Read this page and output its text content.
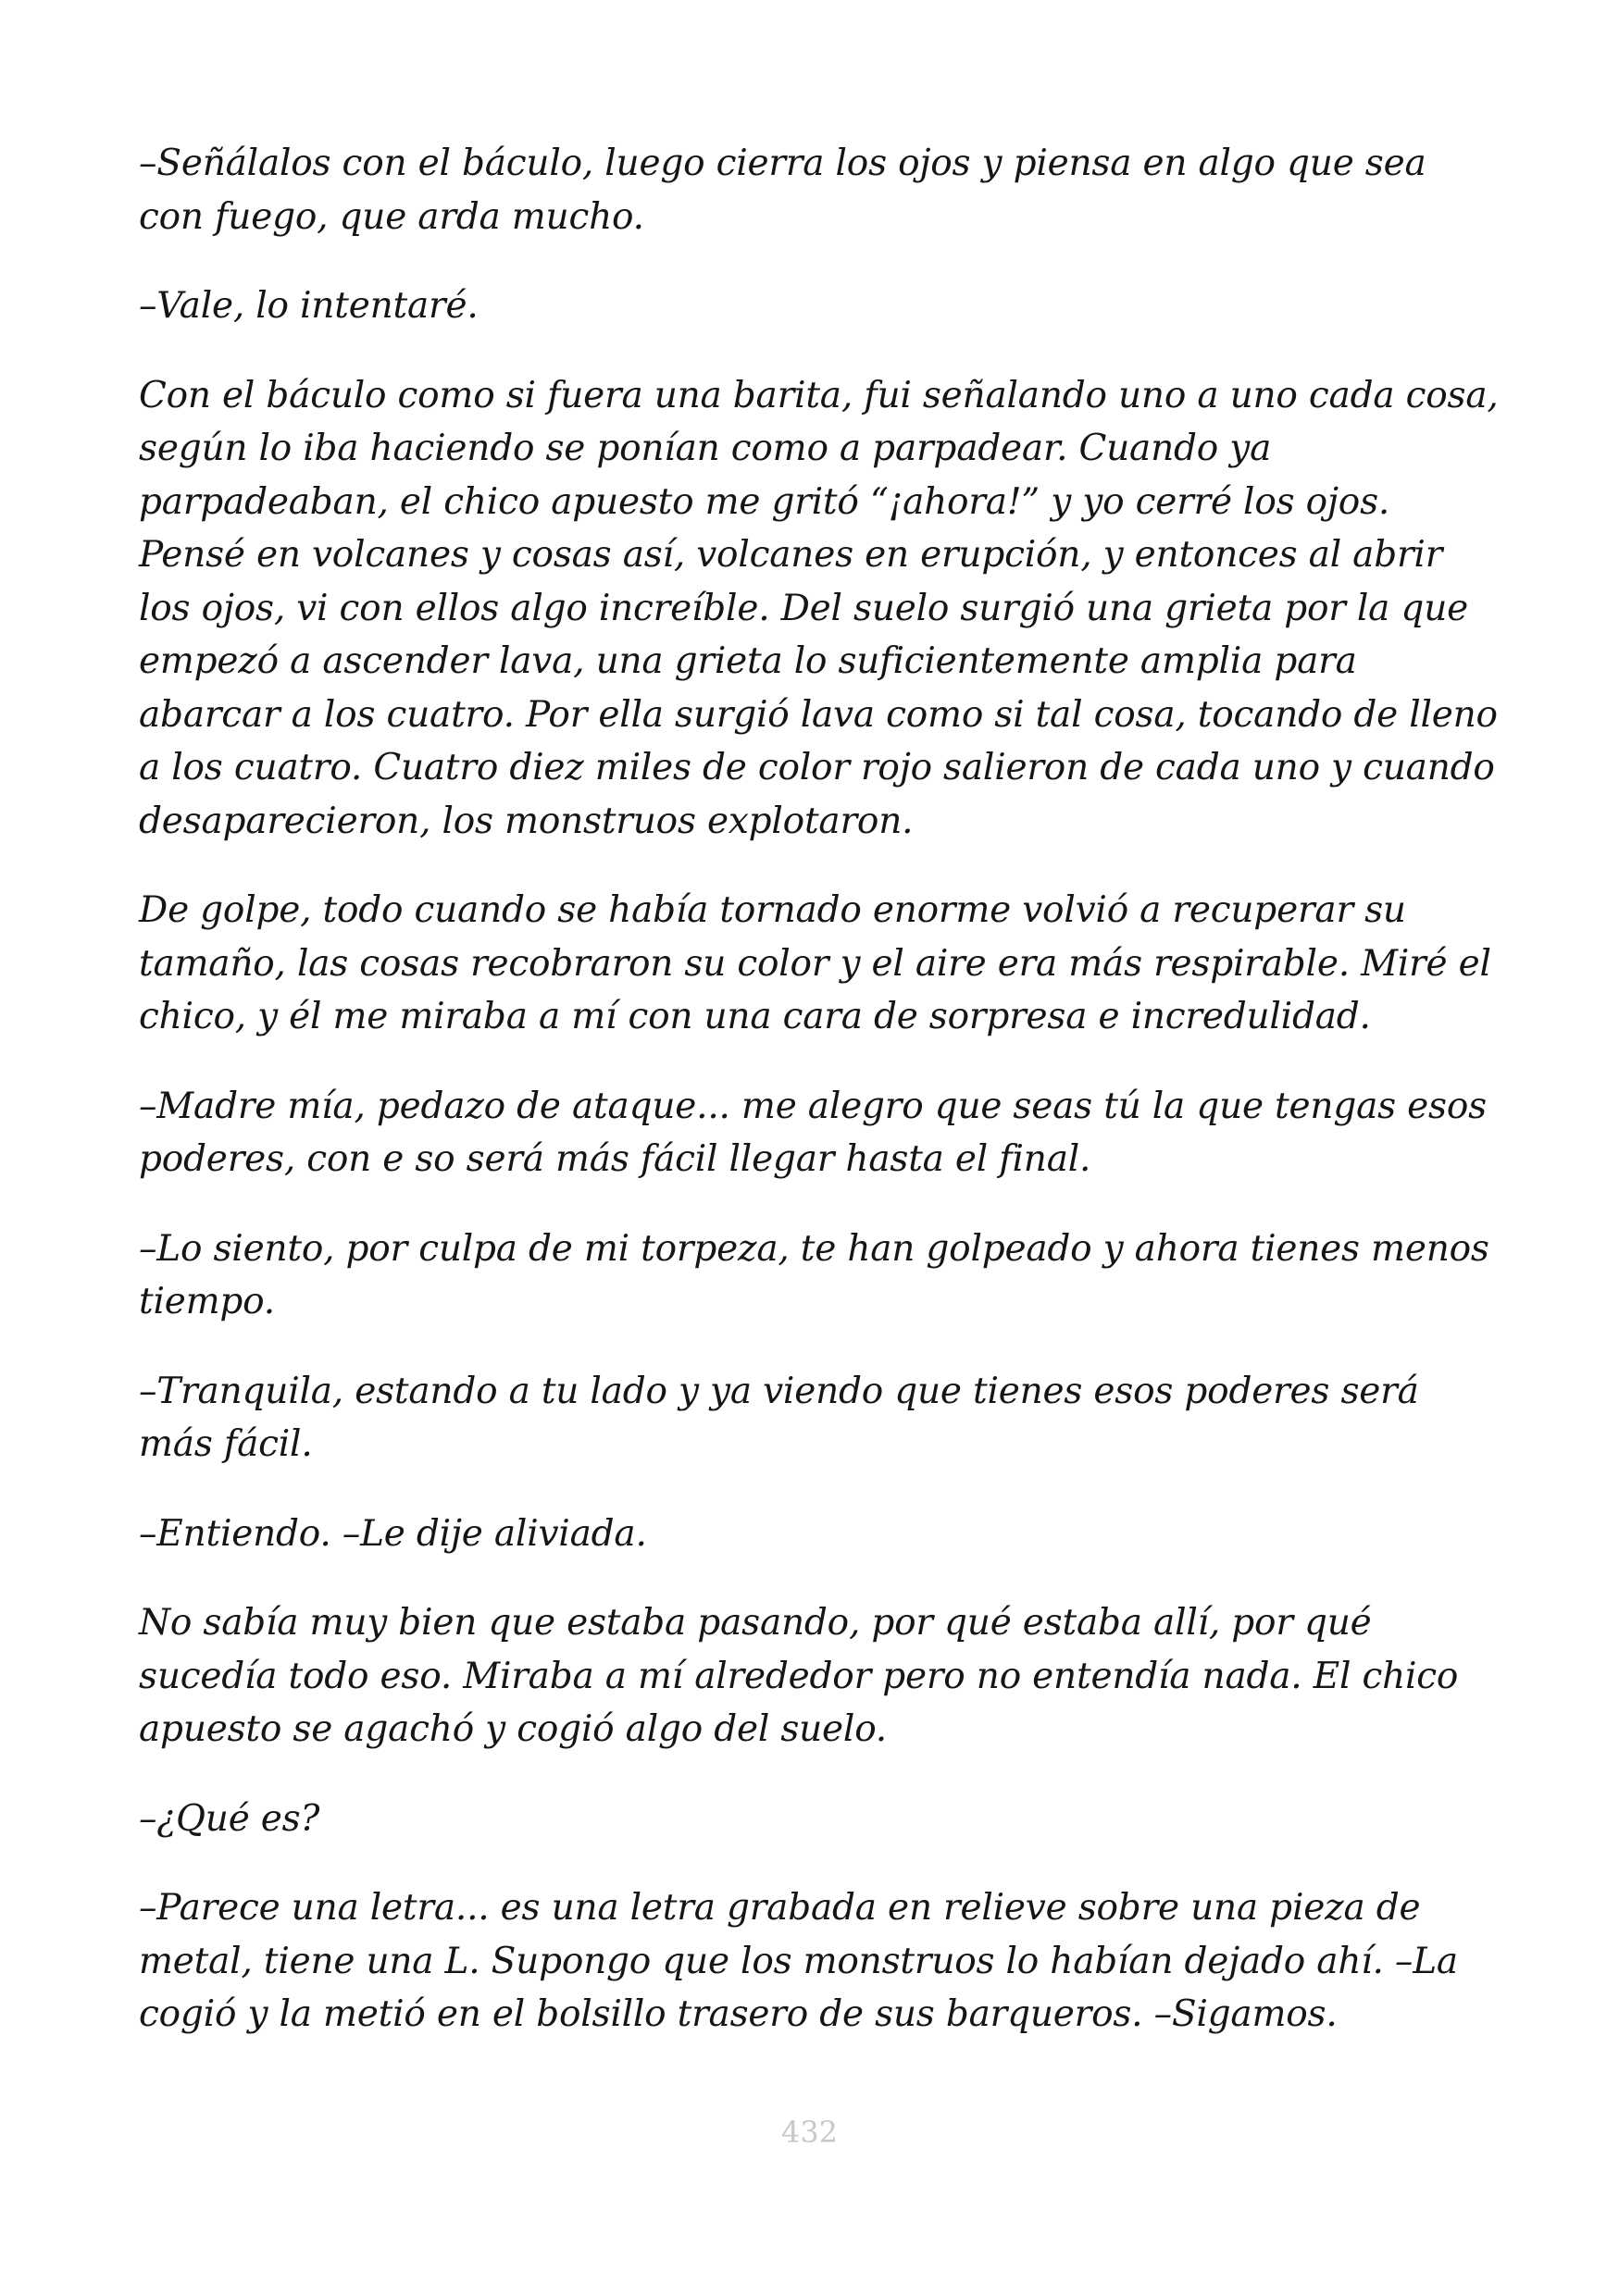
–Señálalos con el báculo, luego cierra los ojos y piensa en algo que sea con fuego, que arda mucho.

–Vale, lo intentaré.

Con el báculo como si fuera una barita, fui señalando uno a uno cada cosa, según lo iba haciendo se ponían como a parpadear. Cuando ya parpadeaban, el chico apuesto me gritó “¡ahora!” y yo cerré los ojos. Pensé en volcanes y cosas así, volcanes en erupción, y entonces al abrir los ojos, vi con ellos algo increíble. Del suelo surgió una grieta por la que empezó a ascender lava, una grieta lo suficientemente amplia para abarcar a los cuatro. Por ella surgió lava como si tal cosa, tocando de lleno a los cuatro. Cuatro diez miles de color rojo salieron de cada uno y cuando desaparecieron, los monstruos explotaron.

De golpe, todo cuando se había tornado enorme volvió a recuperar su tamaño, las cosas recobraron su color y el aire era más respirable. Miré el chico, y él me miraba a mí con una cara de sorpresa e incredulidad.

–Madre mía, pedazo de ataque... me alegro que seas tú la que tengas esos poderes, con e so será más fácil llegar hasta el final.

–Lo siento, por culpa de mi torpeza, te han golpeado y ahora tienes menos tiempo.

–Tranquila, estando a tu lado y ya viendo que tienes esos poderes será más fácil.

–Entiendo. –Le dije aliviada.

No sabía muy bien que estaba pasando, por qué estaba allí, por qué sucedía todo eso. Miraba a mí alrededor pero no entendía nada. El chico apuesto se agachó y cogió algo del suelo.

–¿Qué es?

–Parece una letra... es una letra grabada en relieve sobre una pieza de metal, tiene una L. Supongo que los monstruos lo habían dejado ahí. –La cogió y la metió en el bolsillo trasero de sus barqueros. –Sigamos.

432
